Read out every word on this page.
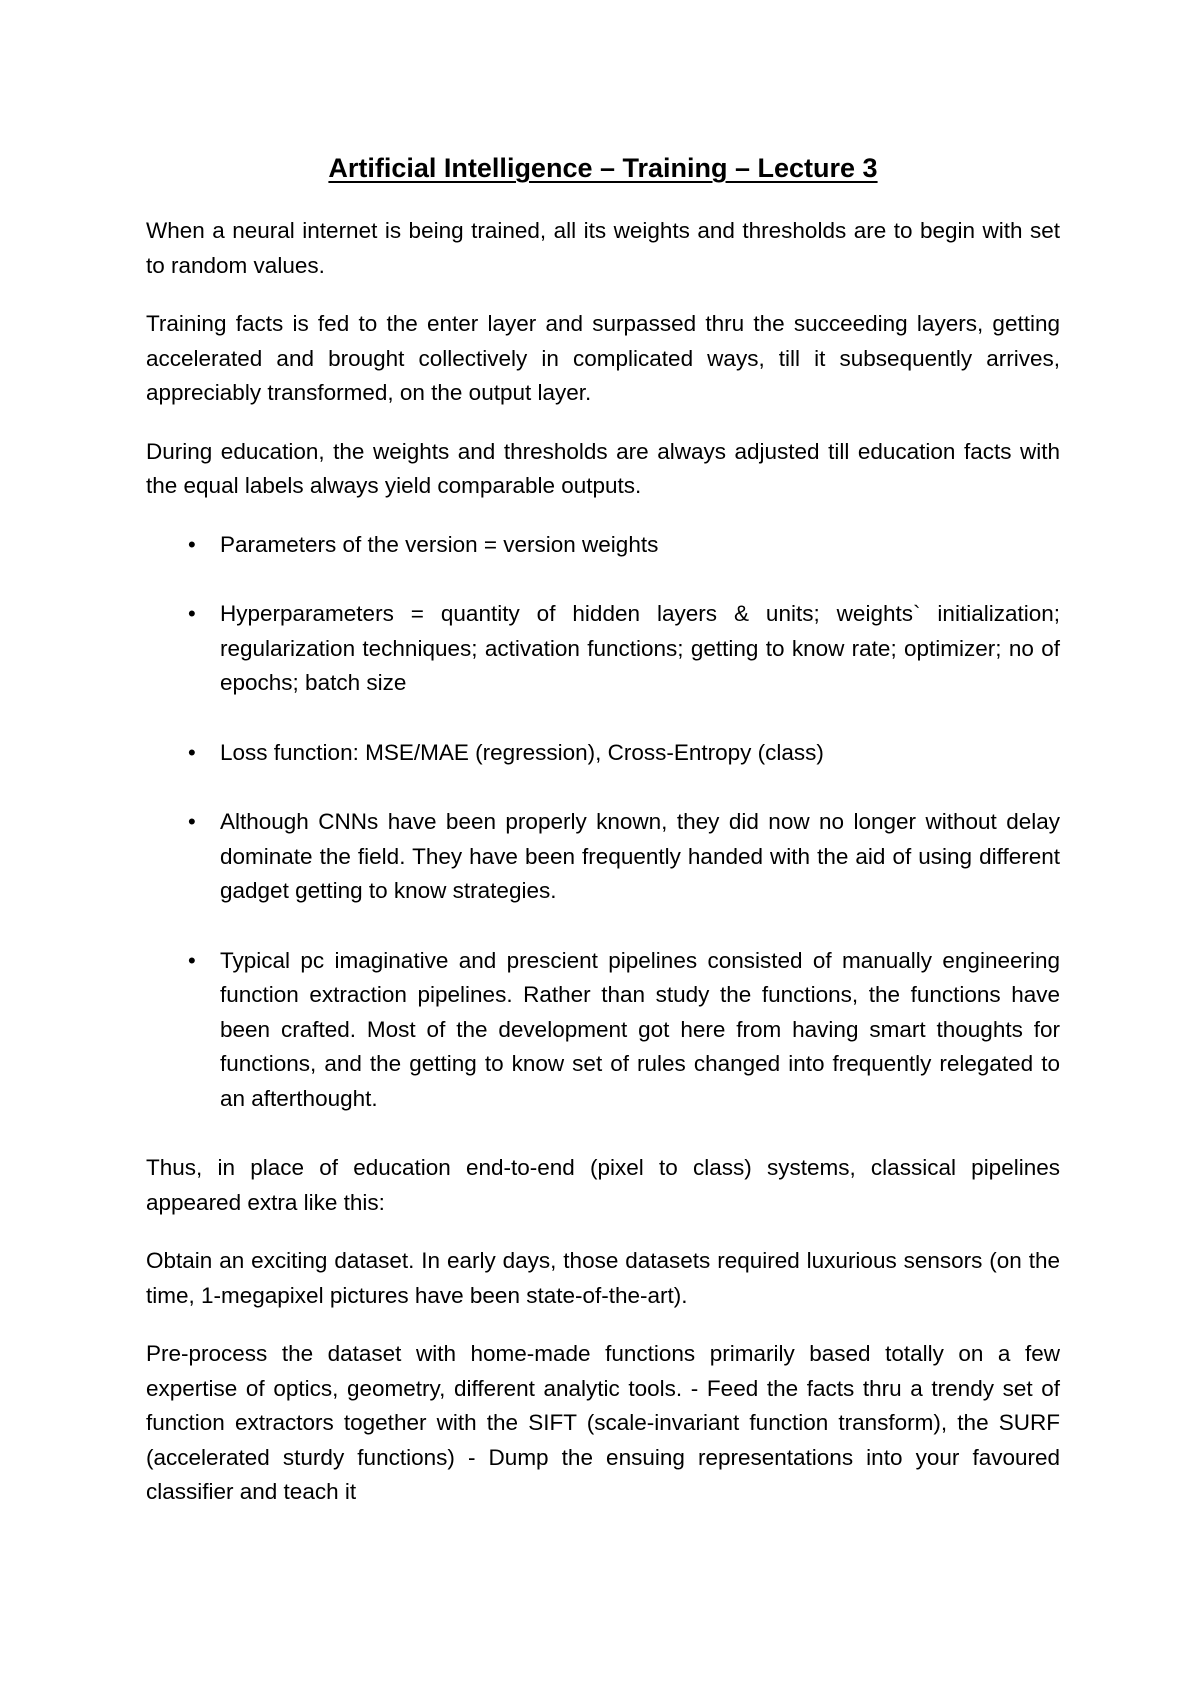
Artificial Intelligence – Training – Lecture 3

When a neural internet is being trained, all its weights and thresholds are to begin with set to random values.

Training facts is fed to the enter layer and surpassed thru the succeeding layers, getting accelerated and brought collectively in complicated ways, till it subsequently arrives, appreciably transformed, on the output layer.

During education, the weights and thresholds are always adjusted till education facts with the equal labels always yield comparable outputs.

• Parameters of the version = version weights
• Hyperparameters = quantity of hidden layers & units; weights` initialization; regularization techniques; activation functions; getting to know rate; optimizer; no of epochs; batch size
• Loss function: MSE/MAE (regression), Cross-Entropy (class)
• Although CNNs have been properly known, they did now no longer without delay dominate the field. They have been frequently handed with the aid of using different gadget getting to know strategies.
• Typical pc imaginative and prescient pipelines consisted of manually engineering function extraction pipelines. Rather than study the functions, the functions have been crafted. Most of the development got here from having smart thoughts for functions, and the getting to know set of rules changed into frequently relegated to an afterthought.

Thus, in place of education end-to-end (pixel to class) systems, classical pipelines appeared extra like this:

Obtain an exciting dataset. In early days, those datasets required luxurious sensors (on the time, 1-megapixel pictures have been state-of-the-art).

Pre-process the dataset with home-made functions primarily based totally on a few expertise of optics, geometry, different analytic tools. - Feed the facts thru a trendy set of function extractors together with the SIFT (scale-invariant function transform), the SURF (accelerated sturdy functions) - Dump the ensuing representations into your favoured classifier and teach it
